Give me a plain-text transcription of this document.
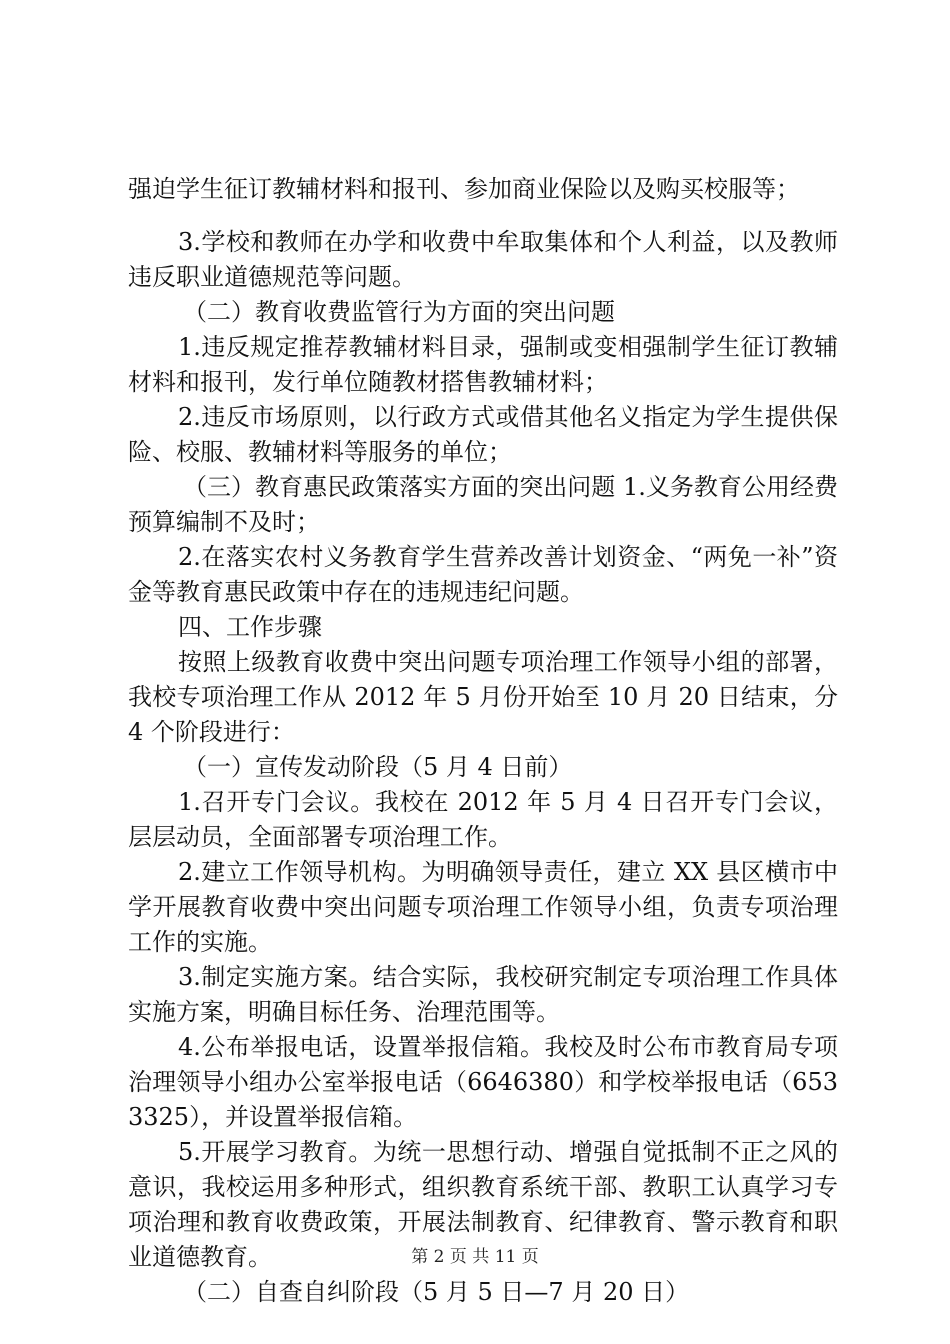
强迫学生征订教辅材料和报刊、参加商业保险以及购买校服等；

3.学校和教师在办学和收费中牟取集体和个人利益，以及教师违反职业道德规范等问题。

（二）教育收费监管行为方面的突出问题

1.违反规定推荐教辅材料目录，强制或变相强制学生征订教辅材料和报刊，发行单位随教材搭售教辅材料；

2.违反市场原则，以行政方式或借其他名义指定为学生提供保险、校服、教辅材料等服务的单位；

（三）教育惠民政策落实方面的突出问题 1.义务教育公用经费预算编制不及时；

2.在落实农村义务教育学生营养改善计划资金、“两免一补”资金等教育惠民政策中存在的违规违纪问题。

四、工作步骤

按照上级教育收费中突出问题专项治理工作领导小组的部署，我校专项治理工作从 2012 年 5 月份开始至 10 月 20 日结束，分 4 个阶段进行：

（一）宣传发动阶段（5 月 4 日前）

1.召开专门会议。我校在 2012 年 5 月 4 日召开专门会议，层层动员，全面部署专项治理工作。

2.建立工作领导机构。为明确领导责任，建立 XX 县区横市中学开展教育收费中突出问题专项治理工作领导小组，负责专项治理工作的实施。

3.制定实施方案。结合实际，我校研究制定专项治理工作具体实施方案，明确目标任务、治理范围等。

4.公布举报电话，设置举报信箱。我校及时公布市教育局专项治理领导小组办公室举报电话（6646380）和学校举报电话（6533325），并设置举报信箱。

5.开展学习教育。为统一思想行动、增强自觉抵制不正之风的意识，我校运用多种形式，组织教育系统干部、教职工认真学习专项治理和教育收费政策，开展法制教育、纪律教育、警示教育和职业道德教育。

（二）自查自纠阶段（5 月 5 日—7 月 20 日）

第 2 页 共 11 页
